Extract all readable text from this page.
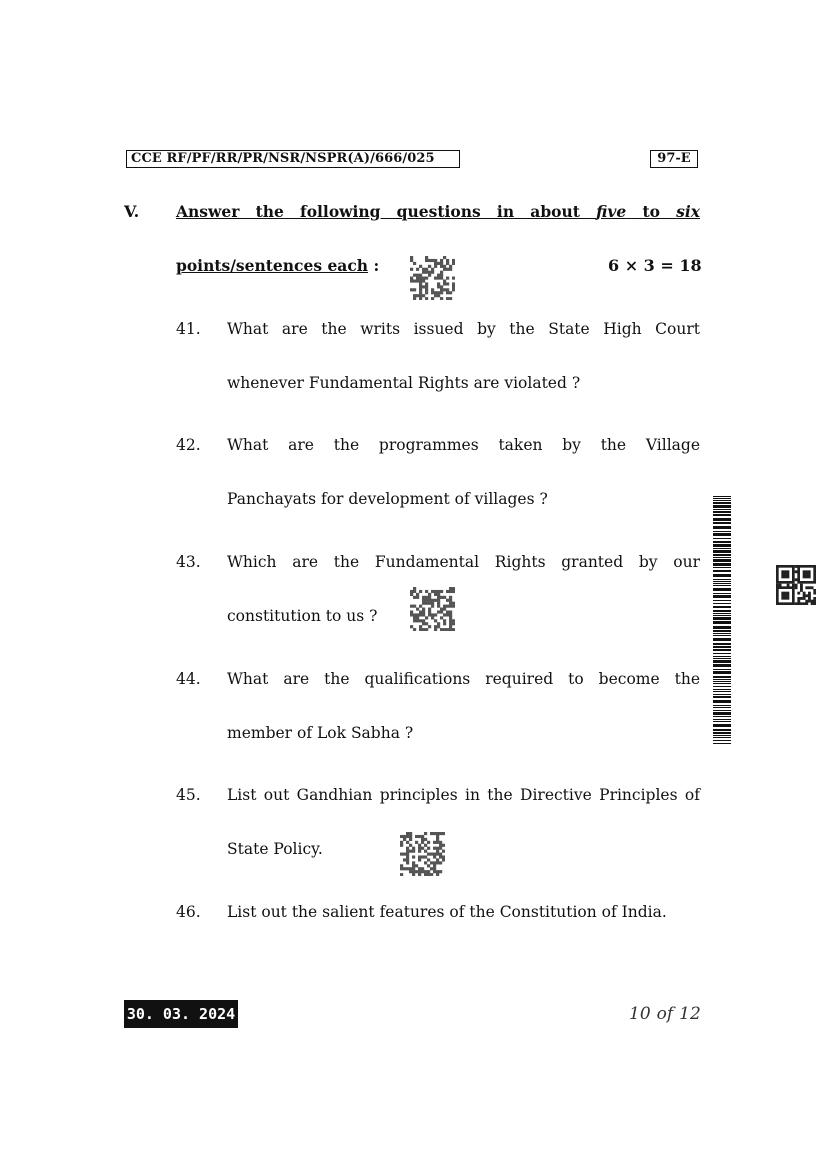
CCE RF/PF/RR/PR/NSR/NSPR(A)/666/025	97-E
V. Answer the following questions in about five to six
points/sentences each :	6 × 3 = 18
41. What are the writs issued by the State High Court
whenever Fundamental Rights are violated ?
42. What are the programmes taken by the Village
Panchayats for development of villages ?
43. Which are the Fundamental Rights granted by our
constitution to us ?
44. What are the qualifications required to become the
member of Lok Sabha ?
45. List out Gandhian principles in the Directive Principles of
State Policy.
46. List out the salient features of the Constitution of India.
30. 03. 2024	10 of 12
